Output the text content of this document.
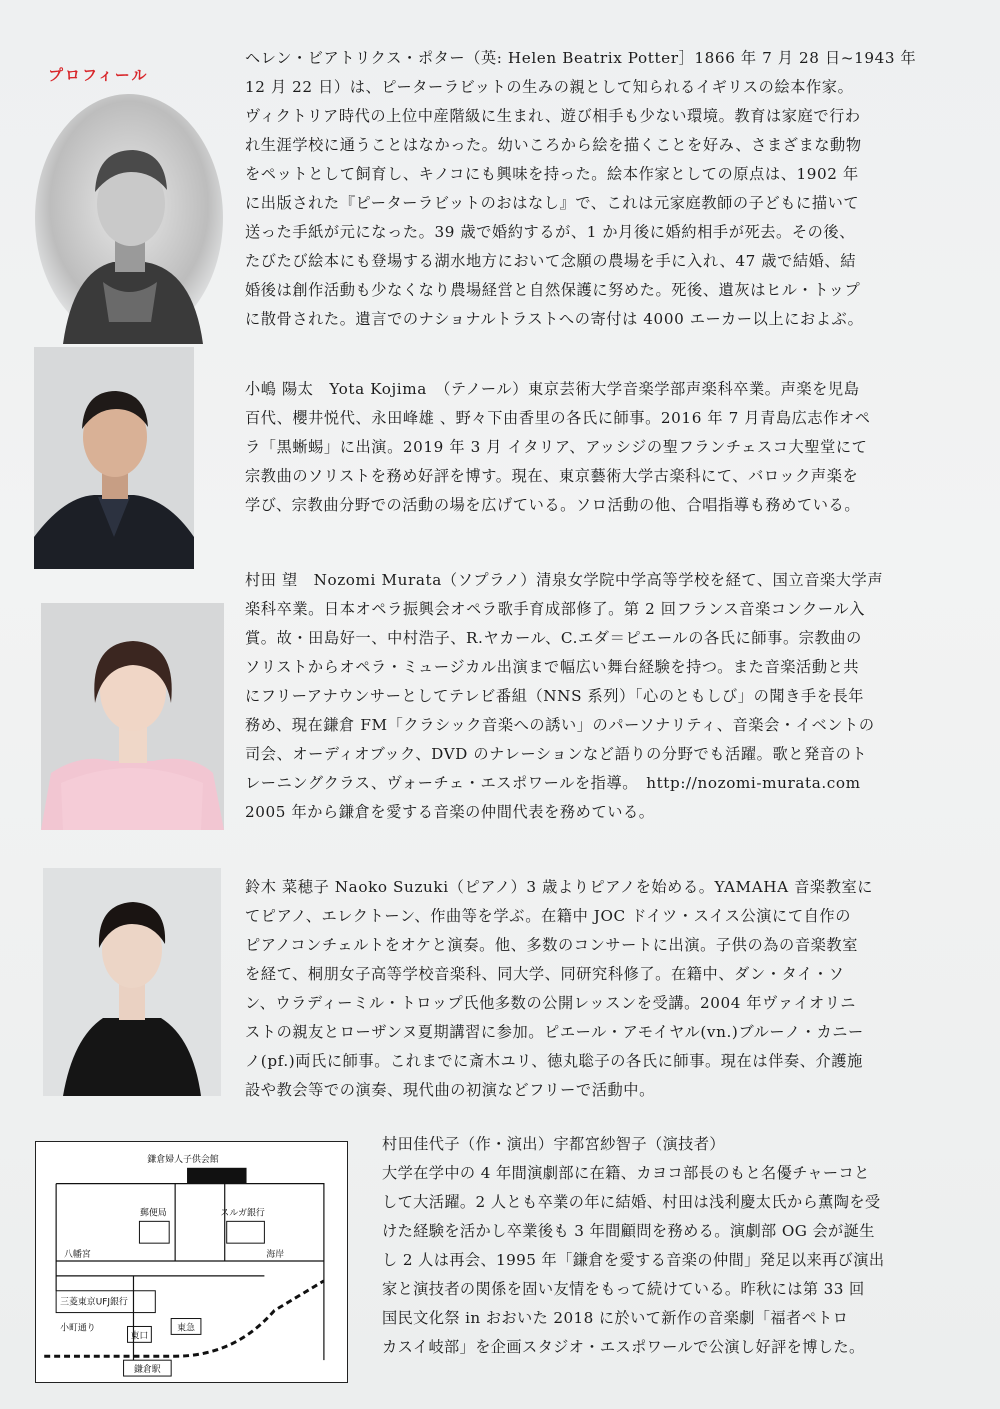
プロフィール

ヘレン・ビアトリクス・ポター（英: Helen Beatrix Potter］1866 年 7 月 28 日~1943 年
12 月 22 日）は、ピーターラビットの生みの親として知られるイギリスの絵本作家。
ヴィクトリア時代の上位中産階級に生まれ、遊び相手も少ない環境。教育は家庭で行わ
れ生涯学校に通うことはなかった。幼いころから絵を描くことを好み、さまざまな動物
をペットとして飼育し、キノコにも興味を持った。絵本作家としての原点は、1902 年
に出版された『ピーターラビットのおはなし』で、これは元家庭教師の子どもに描いて
送った手紙が元になった。39 歳で婚約するが、1 か月後に婚約相手が死去。その後、
たびたび絵本にも登場する湖水地方において念願の農場を手に入れ、47 歳で結婚、結
婚後は創作活動も少なくなり農場経営と自然保護に努めた。死後、遺灰はヒル・トップ
に散骨された。遺言でのナショナルトラストへの寄付は 4000 エーカー以上におよぶ。

小嶋 陽太　Yota Kojima　（テノール）東京芸術大学音楽学部声楽科卒業。声楽を児島
百代、櫻井悦代、永田峰雄 、野々下由香里の各氏に師事。2016 年 7 月青島広志作オペ
ラ「黒蜥蜴」に出演。2019 年 3 月 イタリア、アッシジの聖フランチェスコ大聖堂にて
宗教曲のソリストを務め好評を博す。現在、東京藝術大学古楽科にて、バロック声楽を
学び、宗教曲分野での活動の場を広げている。ソロ活動の他、合唱指導も務めている。

村田 望　Nozomi Murata（ソプラノ）清泉女学院中学高等学校を経て、国立音楽大学声
楽科卒業。日本オペラ振興会オペラ歌手育成部修了。第 2 回フランス音楽コンクール入
賞。故・田島好一、中村浩子、R.ヤカール、C.エダ＝ピエールの各氏に師事。宗教曲の
ソリストからオペラ・ミュージカル出演まで幅広い舞台経験を持つ。また音楽活動と共
にフリーアナウンサーとしてテレビ番組（NNS 系列）「心のともしび」の聞き手を長年
務め、現在鎌倉 FM「クラシック音楽への誘い」のパーソナリティ、音楽会・イベントの
司会、オーディオブック、DVD のナレーションなど語りの分野でも活躍。歌と発音のト
レーニングクラス、ヴォーチェ・エスポワールを指導。　http://nozomi-murata.com
2005 年から鎌倉を愛する音楽の仲間代表を務めている。

鈴木 菜穂子 Naoko Suzuki（ピアノ）3 歳よりピアノを始める。YAMAHA 音楽教室に
てピアノ、エレクトーン、作曲等を学ぶ。在籍中 JOC ドイツ・スイス公演にて自作の
ピアノコンチェルトをオケと演奏。他、多数のコンサートに出演。子供の為の音楽教室
を経て、桐朋女子高等学校音楽科、同大学、同研究科修了。在籍中、ダン・タイ・ソ
ン、ウラディーミル・トロップ氏他多数の公開レッスンを受講。2004 年ヴァイオリニ
ストの親友とローザンヌ夏期講習に参加。ピエール・アモイヤル(vn.)ブルーノ・カニー
ノ(pf.)両氏に師事。これまでに斎木ユリ、徳丸聡子の各氏に師事。現在は伴奏、介護施
設や教会等での演奏、現代曲の初演などフリーで活動中。

鎌倉婦人子供会館
郵便局	スルガ銀行
八幡宮	海岸
三菱東京UFJ銀行
小町通り
東口
東急
鎌倉駅

村田佳代子（作・演出）宇都宮紗智子（演技者）
大学在学中の 4 年間演劇部に在籍、カヨコ部長のもと名優チャーコと
して大活躍。2 人とも卒業の年に結婚、村田は浅利慶太氏から薫陶を受
けた経験を活かし卒業後も 3 年間顧問を務める。演劇部 OG 会が誕生
し 2 人は再会、1995 年「鎌倉を愛する音楽の仲間」発足以来再び演出
家と演技者の関係を固い友情をもって続けている。昨秋には第 33 回
国民文化祭 in おおいた 2018 に於いて新作の音楽劇「福者ペトロ
カスイ岐部」を企画スタジオ・エスポワールで公演し好評を博した。
